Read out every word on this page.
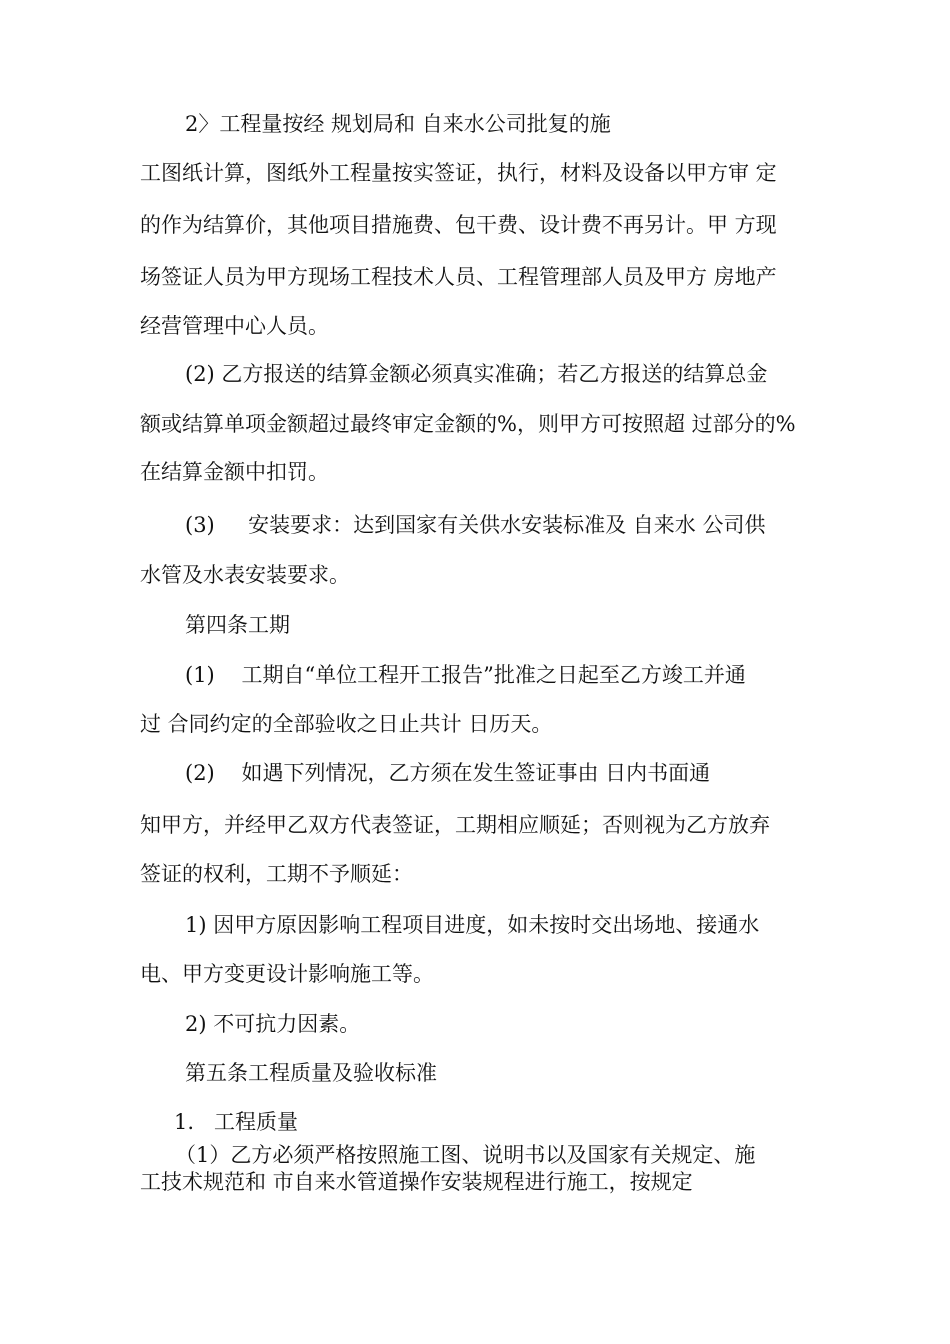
2〉工程量按经 规划局和 自来水公司批复的施
工图纸计算，图纸外工程量按实签证，执行，材料及设备以甲方审 定
的作为结算价，其他项目措施费、包干费、设计费不再另计。甲 方现
场签证人员为甲方现场工程技术人员、工程管理部人员及甲方 房地产
经营管理中心人员。
(2) 乙方报送的结算金额必须真实准确；若乙方报送的结算总金
额或结算单项金额超过最终审定金额的%，则甲方可按照超 过部分的%
在结算金额中扣罚。
(3)     安装要求：达到国家有关供水安装标准及 自来水 公司供
水管及水表安装要求。
第四条工期
(1)    工期自“单位工程开工报告”批准之日起至乙方竣工并通
过 合同约定的全部验收之日止共计 日历天。
(2)    如遇下列情况，乙方须在发生签证事由 日内书面通
知甲方，并经甲乙双方代表签证，工期相应顺延；否则视为乙方放弃
签证的权利，工期不予顺延：
1) 因甲方原因影响工程项目进度，如未按时交出场地、接通水
电、甲方变更设计影响施工等。
2) 不可抗力因素。
第五条工程质量及验收标准
1.   工程质量
（1）乙方必须严格按照施工图、说明书以及国家有关规定、施
工技术规范和 市自来水管道操作安装规程进行施工，按规定
